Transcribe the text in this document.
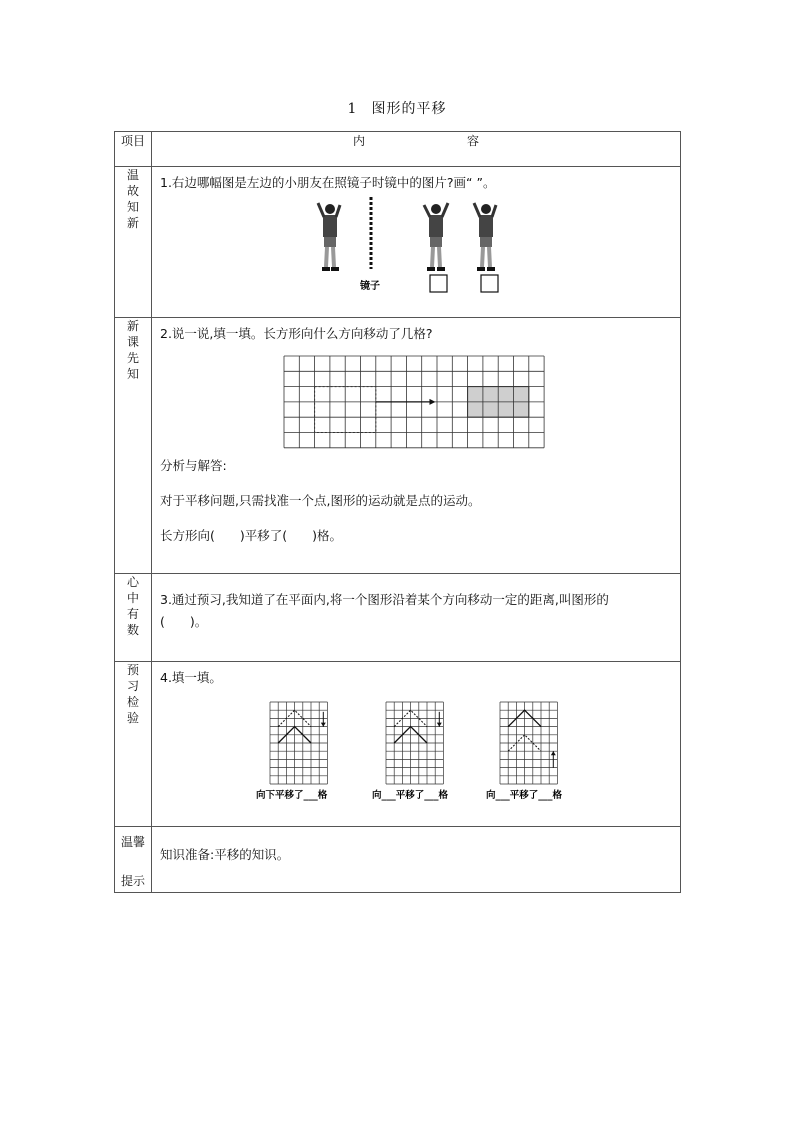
1 图形的平移
项目	内　　容
温故知新	1.右边哪幅图是左边的小朋友在照镜子时镜中的图片?画“ ”。
镜子

新课先知	2.说一说,填一填。长方形向什么方向移动了几格?
分析与解答:
对于平移问题,只需找准一个点,图形的运动就是点的运动。
长方形向(　　)平移了(　　)格。

心中有数	3.通过预习,我知道了在平面内,将一个图形沿着某个方向移动一定的距离,叫图形的
(　　)。

预习检验	4.填一填。
向下平移了___格 向___平移了___格 向___平移了___格

温馨
提示	知识准备:平移的知识。
